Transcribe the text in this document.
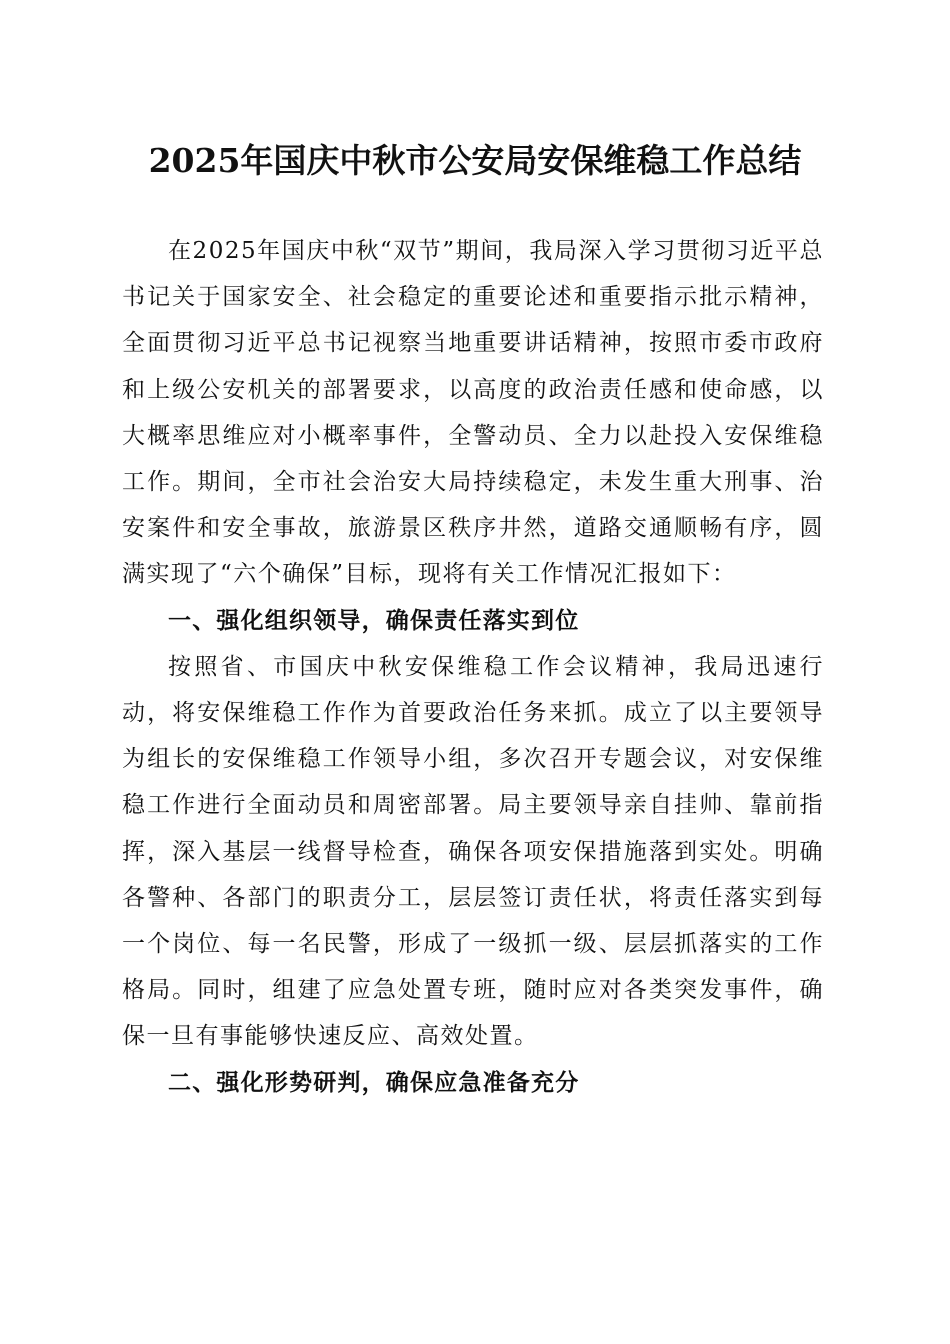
2025年国庆中秋市公安局安保维稳工作总结

在2025年国庆中秋“双节”期间，我局深入学习贯彻习近平总书记关于国家安全、社会稳定的重要论述和重要指示批示精神，全面贯彻习近平总书记视察当地重要讲话精神，按照市委市政府和上级公安机关的部署要求，以高度的政治责任感和使命感，以大概率思维应对小概率事件，全警动员、全力以赴投入安保维稳工作。期间，全市社会治安大局持续稳定，未发生重大刑事、治安案件和安全事故，旅游景区秩序井然，道路交通顺畅有序，圆满实现了“六个确保”目标，现将有关工作情况汇报如下：

一、强化组织领导，确保责任落实到位

按照省、市国庆中秋安保维稳工作会议精神，我局迅速行动，将安保维稳工作作为首要政治任务来抓。成立了以主要领导为组长的安保维稳工作领导小组，多次召开专题会议，对安保维稳工作进行全面动员和周密部署。局主要领导亲自挂帅、靠前指挥，深入基层一线督导检查，确保各项安保措施落到实处。明确各警种、各部门的职责分工，层层签订责任状，将责任落实到每一个岗位、每一名民警，形成了一级抓一级、层层抓落实的工作格局。同时，组建了应急处置专班，随时应对各类突发事件，确保一旦有事能够快速反应、高效处置。

二、强化形势研判，确保应急准备充分
